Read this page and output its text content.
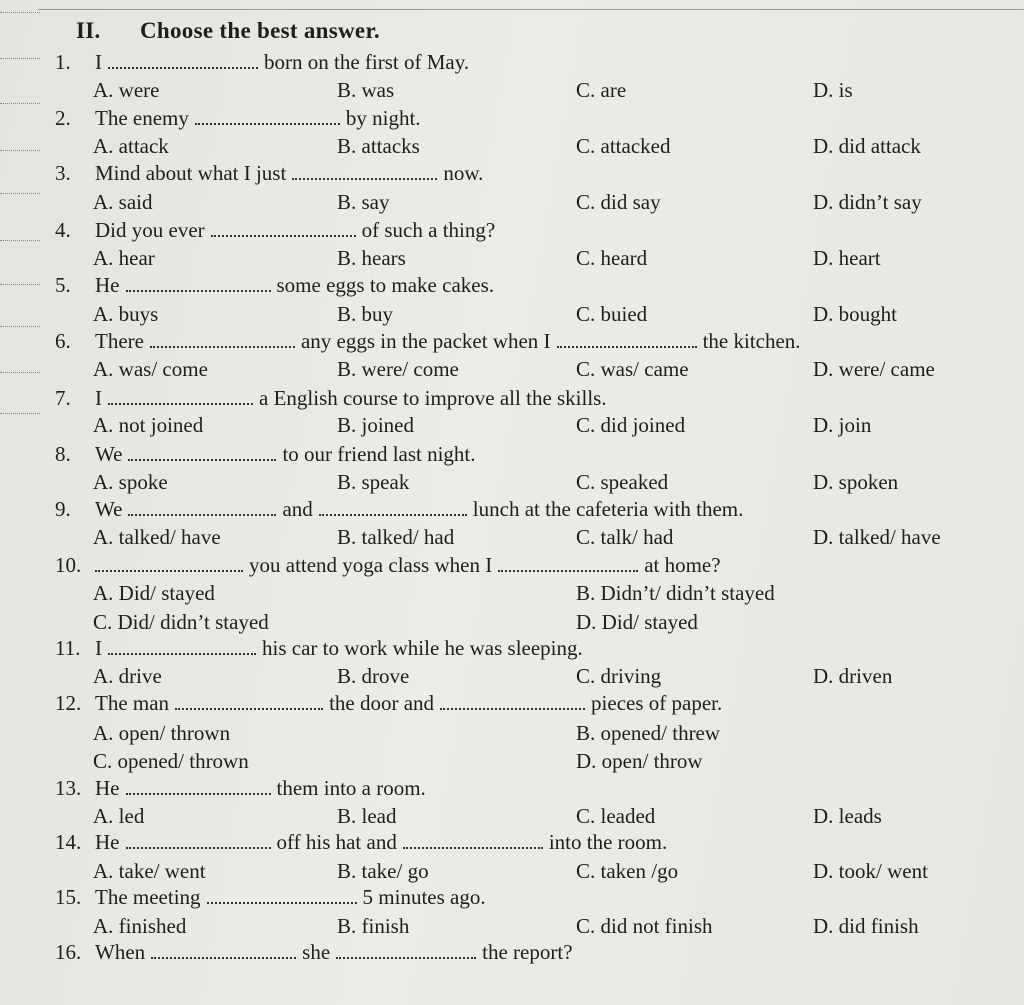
II. Choose the best answer.
1. I	born on the first of May.
A. were	B. was	C. are	D. is
2. The enemy	by night.
A. attack	B. attacks	C. attacked	D. did attack
3. Mind about what I just	now.
A. said	B. say	C. did say	D. didn’t say
4. Did you ever	of such a thing?
A. hear	B. hears	C. heard	D. heart
5. He	some eggs to make cakes.
A. buys	B. buy	C. buied	D. bought
6. There	any eggs in the packet when I	the kitchen.
A. was/ come	B. were/ come	C. was/ came	D. were/ came
7. I	a English course to improve all the skills.
A. not joined	B. joined	C. did joined	D. join
8. We	to our friend last night.
A. spoke	B. speak	C. speaked	D. spoken
9. We	and	lunch at the cafeteria with them.
A. talked/ have	B. talked/ had	C. talk/ had	D. talked/ have
10.	you attend yoga class when I	at home?
A. Did/ stayed	B. Didn’t/ didn’t stayed
C. Did/ didn’t stayed	D. Did/ stayed
11. I	his car to work while he was sleeping.
A. drive	B. drove	C. driving	D. driven
12. The man	the door and	pieces of paper.
A. open/ thrown	B. opened/ threw
C. opened/ thrown	D. open/ throw
13. He	them into a room.
A. led	B. lead	C. leaded	D. leads
14. He	off his hat and	into the room.
A. take/ went	B. take/ go	C. taken /go	D. took/ went
15. The meeting	5 minutes ago.
A. finished	B. finish	C. did not finish	D. did finish
16. When	she	the report?
